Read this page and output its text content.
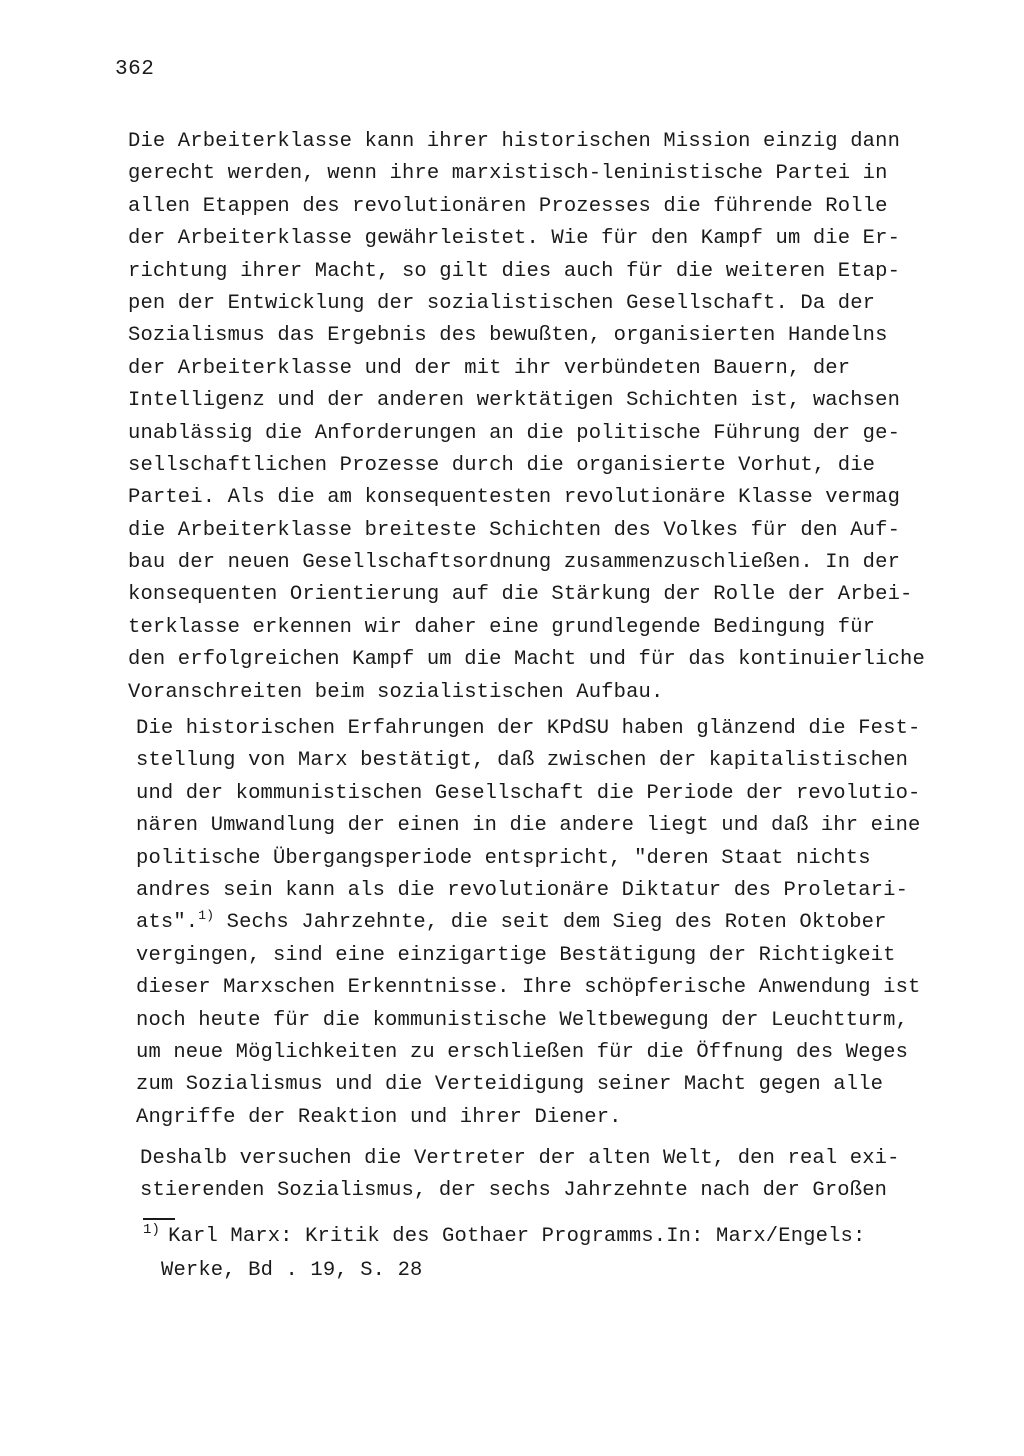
362
Die Arbeiterklasse kann ihrer historischen Mission einzig dann
gerecht werden, wenn ihre marxistisch-leninistische Partei in
allen Etappen des revolutionären Prozesses die führende Rolle
der Arbeiterklasse gewährleistet. Wie für den Kampf um die Er-
richtung ihrer Macht, so gilt dies auch für die weiteren Etap-
pen der Entwicklung der sozialistischen Gesellschaft. Da der
Sozialismus das Ergebnis des bewußten, organisierten Handelns
der Arbeiterklasse und der mit ihr verbündeten Bauern, der
Intelligenz und der anderen werktätigen Schichten ist, wachsen
unablässig die Anforderungen an die politische Führung der ge-
sellschaftlichen Prozesse durch die organisierte Vorhut, die
Partei. Als die am konsequentesten revolutionäre Klasse vermag
die Arbeiterklasse breiteste Schichten des Volkes für den Auf-
bau der neuen Gesellschaftsordnung zusammenzuschließen. In der
konsequenten Orientierung auf die Stärkung der Rolle der Arbei-
terklasse erkennen wir daher eine grundlegende Bedingung für
den erfolgreichen Kampf um die Macht und für das kontinuierliche
Voranschreiten beim sozialistischen Aufbau.
Die historischen Erfahrungen der KPdSU haben glänzend die Fest-
stellung von Marx bestätigt, daß zwischen der kapitalistischen
und der kommunistischen Gesellschaft die Periode der revolutio-
nären Umwandlung der einen in die andere liegt und daß ihr eine
politische Übergangsperiode entspricht, "deren Staat nichts
andres sein kann als die revolutionäre Diktatur des Proletari-
ats".$^{1)}$ Sechs Jahrzehnte, die seit dem Sieg des Roten Oktober
vergingen, sind eine einzigartige Bestätigung der Richtigkeit
dieser Marxschen Erkenntnisse. Ihre schöpferische Anwendung ist
noch heute für die kommunistische Weltbewegung der Leuchtturm,
um neue Möglichkeiten zu erschließen für die Öffnung des Weges
zum Sozialismus und die Verteidigung seiner Macht gegen alle
Angriffe der Reaktion und ihrer Diener.
Deshalb versuchen die Vertreter der alten Welt, den real exi-
stierenden Sozialismus, der sechs Jahrzehnte nach der Großen
$^{1)}$ Karl Marx: Kritik des Gothaer Programms.In: Marx/Engels:
Werke, Bd . 19, S. 28
